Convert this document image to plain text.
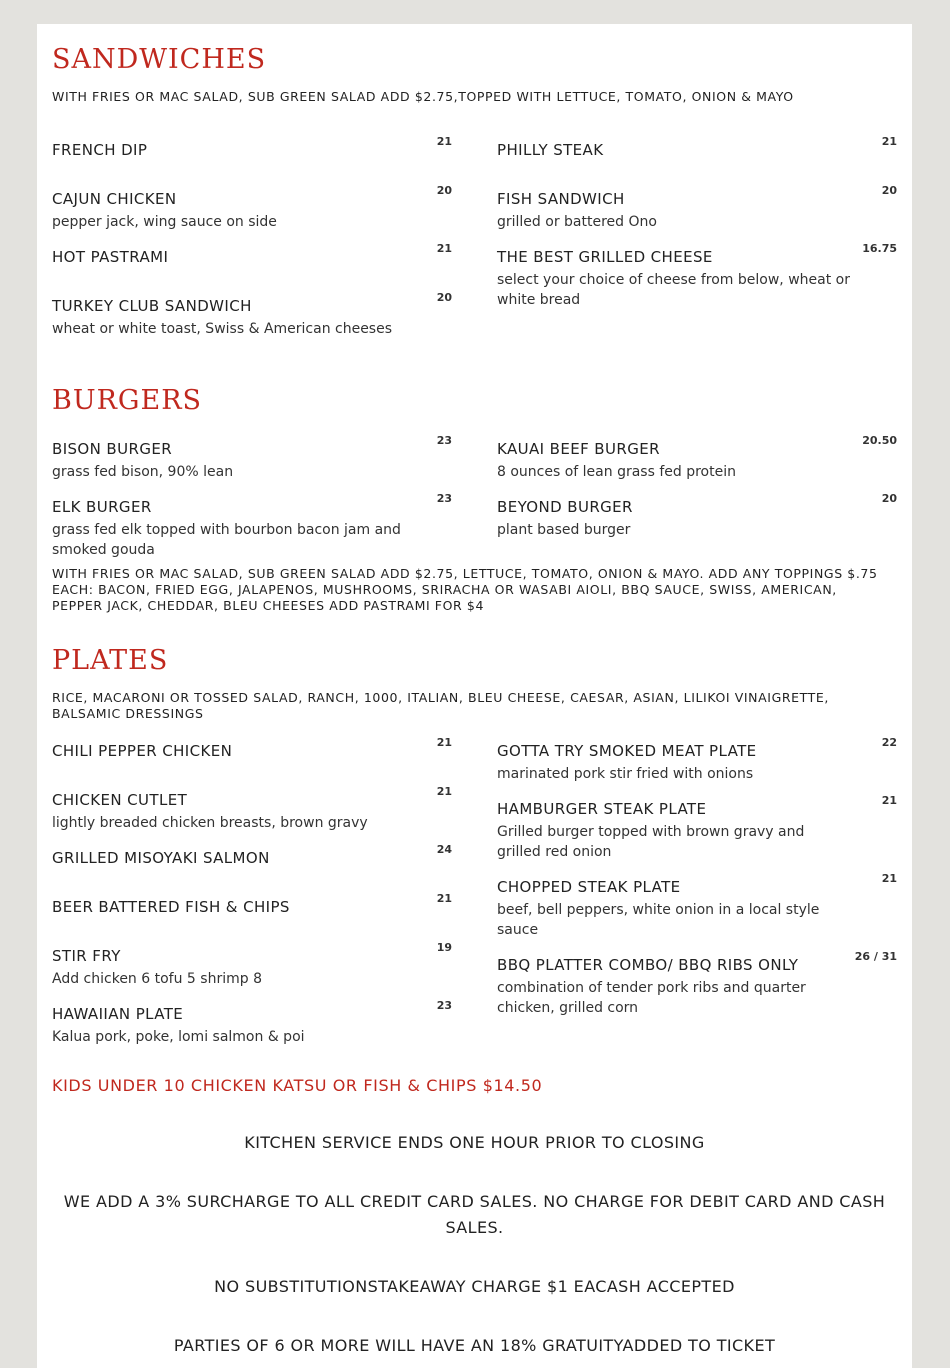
SANDWICHES
WITH FRIES OR MAC SALAD, SUB GREEN SALAD ADD $2.75,TOPPED WITH LETTUCE, TOMATO, ONION & MAYO
FRENCH DIP	21	PHILLY STEAK	21
CAJUN CHICKEN	20
pepper jack, wing sauce on side
FISH SANDWICH	20
grilled or battered Ono
HOT PASTRAMI	21	THE BEST GRILLED CHEESE	16.75
select your choice of cheese from below, wheat or white bread
TURKEY CLUB SANDWICH	20
wheat or white toast, Swiss & American cheeses
BURGERS
BISON BURGER	23
grass fed bison, 90% lean
KAUAI BEEF BURGER	20.50
8 ounces of lean grass fed protein
ELK BURGER	23
grass fed elk topped with bourbon bacon jam and smoked gouda
BEYOND BURGER	20
plant based burger
WITH FRIES OR MAC SALAD, SUB GREEN SALAD ADD $2.75, LETTUCE, TOMATO, ONION & MAYO. ADD ANY TOPPINGS $.75 EACH: BACON, FRIED EGG, JALAPENOS, MUSHROOMS, SRIRACHA OR WASABI AIOLI, BBQ SAUCE, SWISS, AMERICAN, PEPPER JACK, CHEDDAR, BLEU CHEESES ADD PASTRAMI FOR $4
PLATES
RICE, MACARONI OR TOSSED SALAD, RANCH, 1000, ITALIAN, BLEU CHEESE, CAESAR, ASIAN, LILIKOI VINAIGRETTE, BALSAMIC DRESSINGS
CHILI PEPPER CHICKEN	21	GOTTA TRY SMOKED MEAT PLATE	22
marinated pork stir fried with onions
CHICKEN CUTLET	21
lightly breaded chicken breasts, brown gravy
HAMBURGER STEAK PLATE	21
Grilled burger topped with brown gravy and grilled red onion
GRILLED MISOYAKI SALMON	24
CHOPPED STEAK PLATE	21
beef, bell peppers, white onion in a local style sauce
BEER BATTERED FISH & CHIPS	21
BBQ PLATTER COMBO/ BBQ RIBS ONLY	26 / 31
combination of tender pork ribs and quarter chicken, grilled corn
STIR FRY	19
Add chicken 6 tofu 5 shrimp 8
HAWAIIAN PLATE	23
Kalua pork, poke, lomi salmon & poi
KIDS UNDER 10 CHICKEN KATSU OR FISH & CHIPS $14.50
KITCHEN SERVICE ENDS ONE HOUR PRIOR TO CLOSING
WE ADD A 3% SURCHARGE TO ALL CREDIT CARD SALES. NO CHARGE FOR DEBIT CARD AND CASH SALES.
NO SUBSTITUTIONSTAKEAWAY CHARGE $1 EACASH ACCEPTED
PARTIES OF 6 OR MORE WILL HAVE AN 18% GRATUITYADDED TO TICKET
